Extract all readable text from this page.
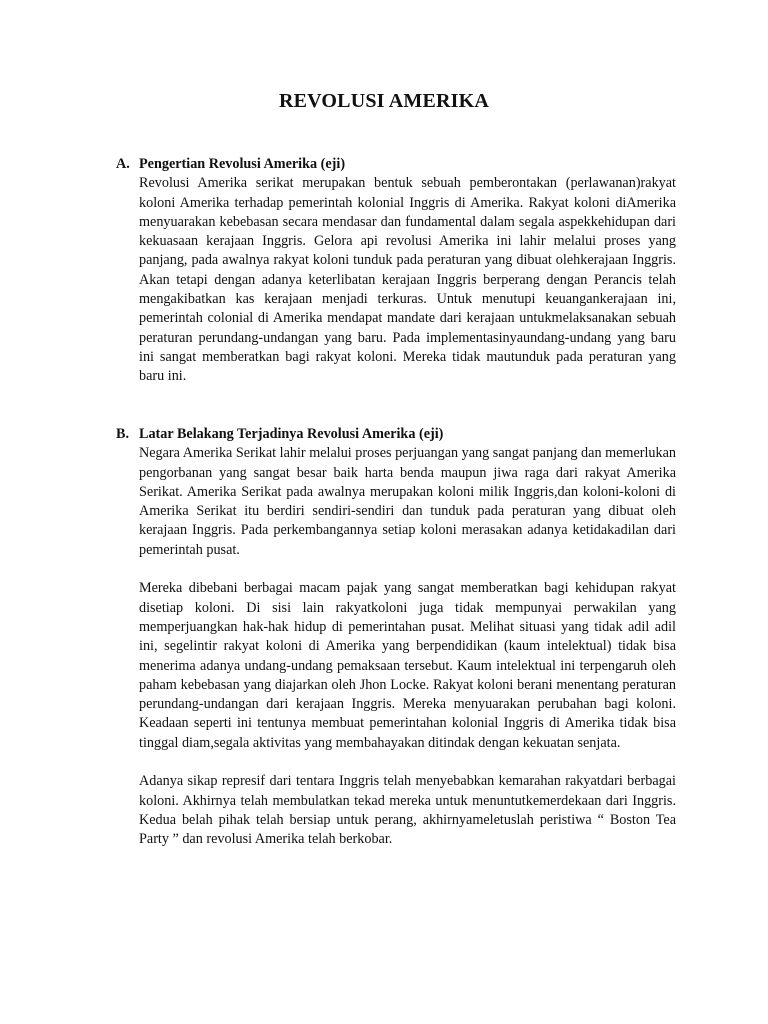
REVOLUSI AMERIKA
A. Pengertian Revolusi Amerika (eji)

Revolusi Amerika serikat merupakan bentuk sebuah pemberontakan (perlawanan)rakyat koloni Amerika terhadap pemerintah kolonial Inggris di Amerika. Rakyat koloni diAmerika menyuarakan kebebasan secara mendasar dan fundamental dalam segala aspekkehidupan dari kekuasaan kerajaan Inggris. Gelora api revolusi Amerika ini lahir melalui proses yang panjang, pada awalnya rakyat koloni tunduk pada peraturan yang dibuat olehkerajaan Inggris. Akan tetapi dengan adanya keterlibatan kerajaan Inggris berperang dengan Perancis telah mengakibatkan kas kerajaan menjadi terkuras. Untuk menutupi keuangankerajaan ini, pemerintah colonial di Amerika mendapat mandate dari kerajaan untukmelaksanakan sebuah peraturan perundang-undangan yang baru. Pada implementasinyaundang-undang yang baru ini sangat memberatkan bagi rakyat koloni. Mereka tidak mautunduk pada peraturan yang baru ini.

B. Latar Belakang Terjadinya Revolusi Amerika (eji)

Negara Amerika Serikat lahir melalui proses perjuangan yang sangat panjang dan memerlukan pengorbanan yang sangat besar baik harta benda maupun jiwa raga dari rakyat Amerika Serikat. Amerika Serikat pada awalnya merupakan koloni milik Inggris,dan koloni-koloni di Amerika Serikat itu berdiri sendiri-sendiri dan tunduk pada peraturan yang dibuat oleh kerajaan Inggris. Pada perkembangannya setiap koloni merasakan adanya ketidakadilan dari pemerintah pusat.

Mereka dibebani berbagai macam pajak yang sangat memberatkan bagi kehidupan rakyat disetiap koloni. Di sisi lain rakyatkoloni juga tidak mempunyai perwakilan yang memperjuangkan hak-hak hidup di pemerintahan pusat. Melihat situasi yang tidak adil adil ini, segelintir rakyat koloni di Amerika yang berpendidikan (kaum intelektual) tidak bisa menerima adanya undang-undang pemaksaan tersebut. Kaum intelektual ini terpengaruh oleh paham kebebasan yang diajarkan oleh Jhon Locke. Rakyat koloni berani menentang peraturan perundang-undangan dari kerajaan Inggris. Mereka menyuarakan perubahan bagi koloni. Keadaan seperti ini tentunya membuat pemerintahan kolonial Inggris di Amerika tidak bisa tinggal diam,segala aktivitas yang membahayakan ditindak dengan kekuatan senjata.

Adanya sikap represif dari tentara Inggris telah menyebabkan kemarahan rakyatdari berbagai koloni. Akhirnya telah membulatkan tekad mereka untuk menuntutkemerdekaan dari Inggris. Kedua belah pihak telah bersiap untuk perang, akhirnyameletuslah peristiwa “ Boston Tea Party ” dan revolusi Amerika telah berkobar.
